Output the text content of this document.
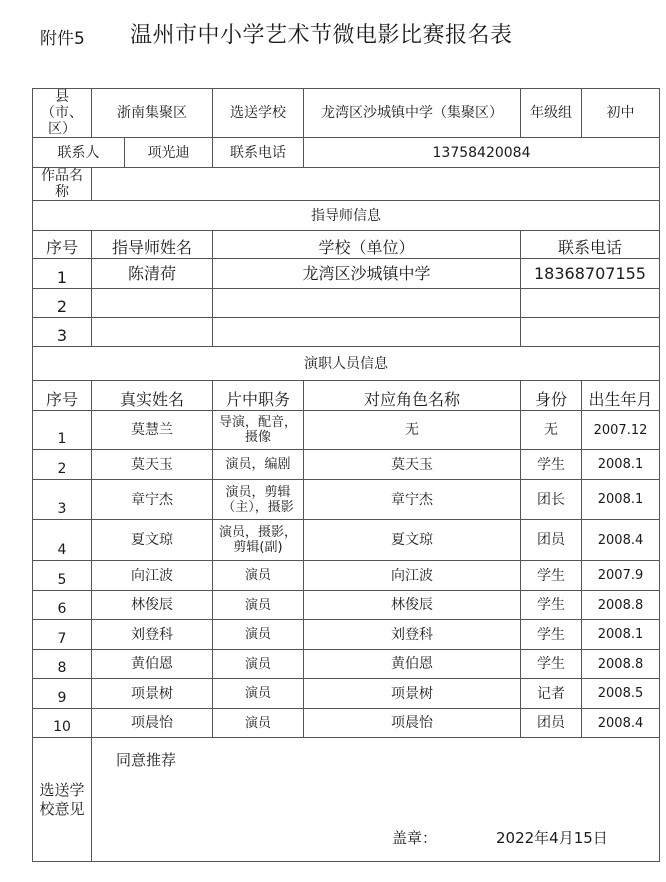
附件5 温州市中小学艺术节微电影比赛报名表
县（市、区）	浙南集聚区		选送学校	龙湾区沙城镇中学（集聚区）	年级组	初中
联系人		项光迪	联系电话	13758420084		
作品名称						
指导师信息						
序号	指导师姓名		学校（单位）		联系电话	
1	陈清荷		龙湾区沙城镇中学		18368707155	
2						
3						
演职人员信息						
序号	真实姓名		片中职务	对应角色名称	身份	出生年月
1	莫慧兰		导演，配音，摄像	无	无	2007.12
2	莫天玉		演员，编剧	莫天玉	学生	2008.1
3	章宁杰		演员，剪辑（主），摄影	章宁杰	团长	2008.1
4	夏文琼		演员，摄影，剪辑(副)	夏文琼	团员	2008.4
5	向江波		演员	向江波	学生	2007.9
6	林俊辰		演员	林俊辰	学生	2008.8
7	刘登科		演员	刘登科	学生	2008.1
8	黄伯恩		演员	黄伯恩	学生	2008.8
9	项景树		演员	项景树	记者	2008.5
10	项晨怡		演员	项晨怡	团员	2008.4
选送学校意见	同意推荐
盖章： 2022年4月15日					
